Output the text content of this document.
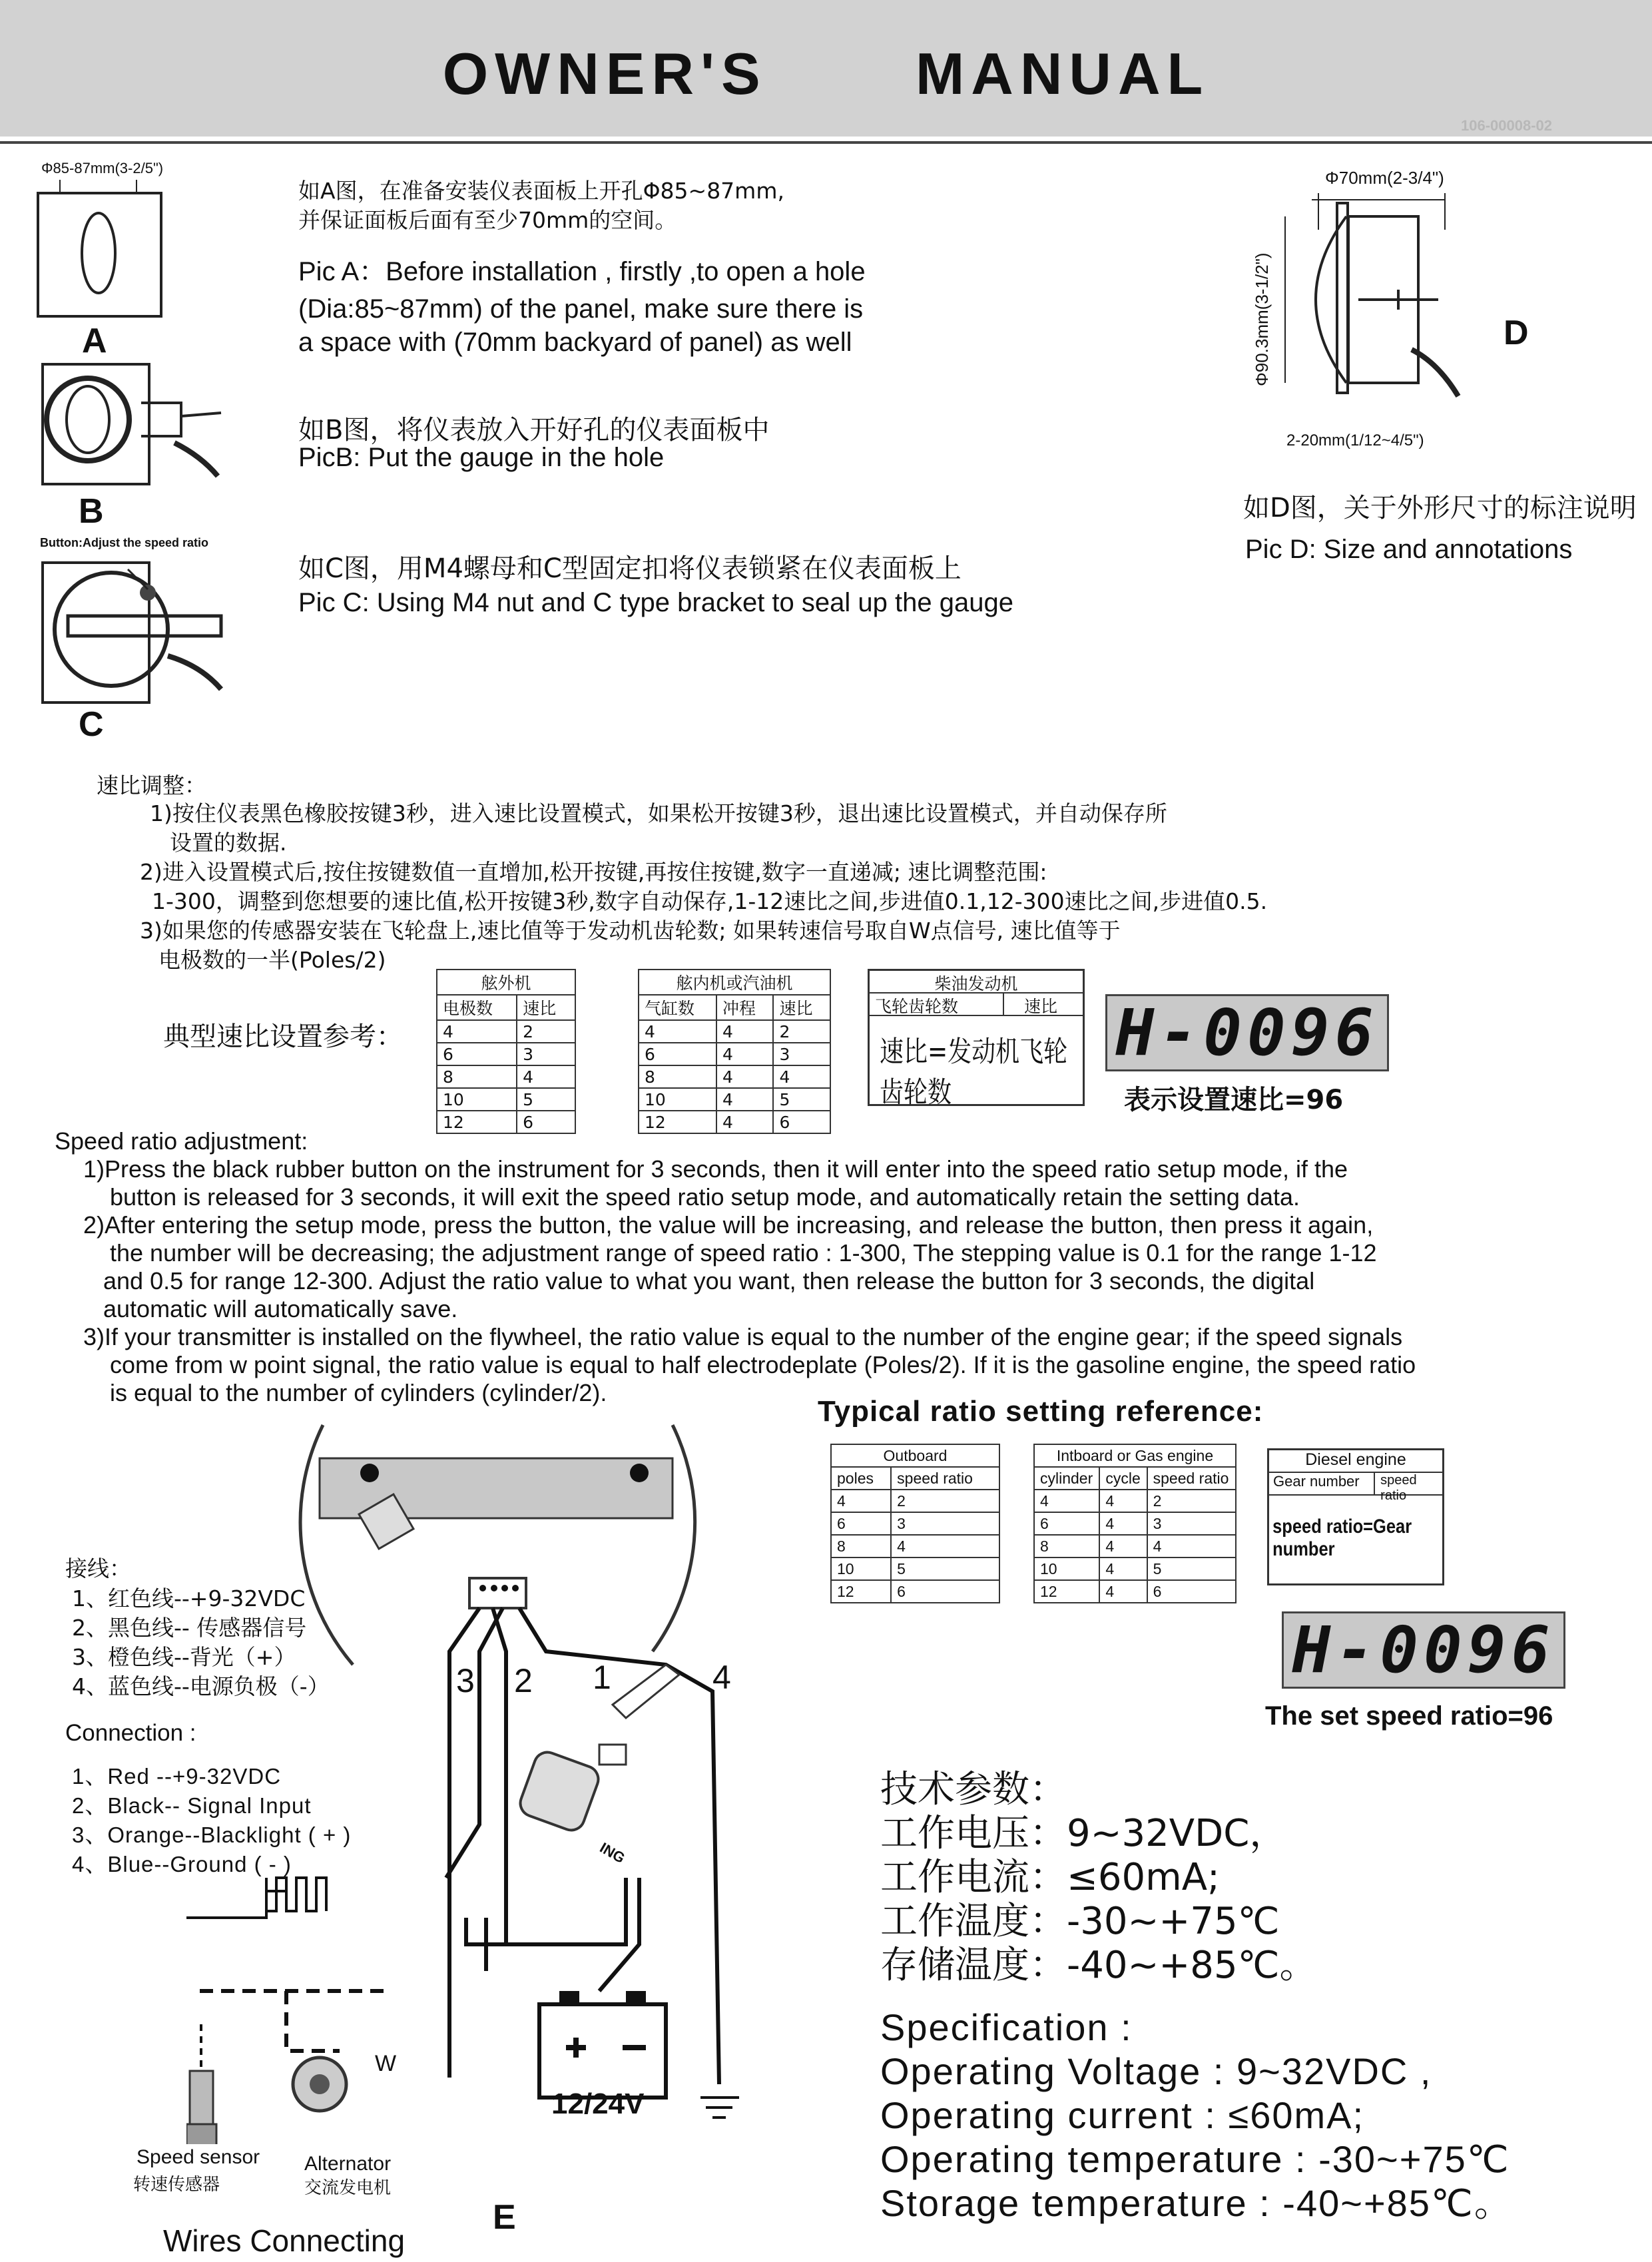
OWNER'S   MANUAL
106-00008-02
Φ85-87mm(3-2/5")
A
B
Button:Adjust the speed ratio
C
如A图，在准备安装仪表面板上开孔Φ85~87mm,
并保证面板后面有至少70mm的空间。
Pic A：Before installation , firstly ,to open a hole
(Dia:85~87mm) of the panel, make sure there is
a space with (70mm backyard of panel) as well
如B图，将仪表放入开好孔的仪表面板中
PicB: Put the gauge in the hole
如C图，用M4螺母和C型固定扣将仪表锁紧在仪表面板上
Pic C: Using M4 nut and C type bracket to seal up the gauge
Φ70mm(2-3/4")
Φ90.3mm(3-1/2")	D
2-20mm(1/12~4/5")
如D图，关于外形尺寸的标注说明
Pic D: Size and annotations
速比调整：
1)按住仪表黑色橡胶按键3秒，进入速比设置模式，如果松开按键3秒，退出速比设置模式，并自动保存所
设置的数据.
2)进入设置模式后,按住按键数值一直增加,松开按键,再按住按键,数字一直递减; 速比调整范围:
1-300，调整到您想要的速比值,松开按键3秒,数字自动保存,1-12速比之间,步进值0.1,12-300速比之间,步进值0.5.
3)如果您的传感器安装在飞轮盘上,速比值等于发动机齿轮数; 如果转速信号取自W点信号, 速比值等于
电极数的一半(Poles/2)
典型速比设置参考：
舷外机	
电极数	速比
4	2
6	3
8	4
10	5
12	6
舷内机或汽油机		
气缸数	冲程	速比
4	4	2
6	4	3
8	4	4
10	4	5
12	4	6
柴油发动机
飞轮齿轮数	速比
速比=发动机飞轮齿轮数
H-0096
表示设置速比=96
Speed ratio adjustment:
1)Press the black rubber button on the instrument for 3 seconds, then it will enter into the speed ratio setup mode, if the
button is released for 3 seconds, it will exit the speed ratio setup mode, and automatically retain the setting data.
2)After entering the setup mode, press the button, the value will be increasing, and release the button, then press it again,
the number will be decreasing; the adjustment range of speed ratio : 1-300, The stepping value is 0.1 for the range 1-12
and 0.5 for range 12-300. Adjust the ratio value to what you want, then release the button for 3 seconds, the digital
automatic will automatically save.
3)If your transmitter is installed on the flywheel, the ratio value is equal to the number of the engine gear; if the speed signals
come from w point signal, the ratio value is equal to half electrodeplate (Poles/2). If it is the gasoline engine, the speed ratio
is equal to the number of cylinders (cylinder/2).
Typical ratio setting reference:
Outboard	
poles	speed ratio
4	2
6	3
8	4
10	5
12	6
Intboard or Gas engine		
cylinder	cycle	speed ratio
4	4	2
6	4	3
8	4	4
10	4	5
12	4	6
Diesel engine
Gear number	speed ratio
speed ratio=Gear number
H-0096
The set speed ratio=96
接线：
1、红色线--+9-32VDC
2、黑色线-- 传感器信号
3、橙色线--背光（+）
4、蓝色线--电源负极（-）
Connection :
1、Red --+9-32VDC
2、Black-- Signal Input
3、Orange--Blacklight ( + )
4、Blue--Ground ( - )
3 2 1	4
ING
W
12/24V
Speed sensor
转速传感器
Alternator
交流发电机
Wires Connecting
E
技术参数：
工作电压：9~32VDC，
工作电流：≤60mA;
工作温度：-30~+75℃
存储温度：-40~+85℃。
Specification :
Operating Voltage : 9~32VDC ,
Operating current : ≤60mA;
Operating temperature : -30~+75℃
Storage temperature : -40~+85℃。
